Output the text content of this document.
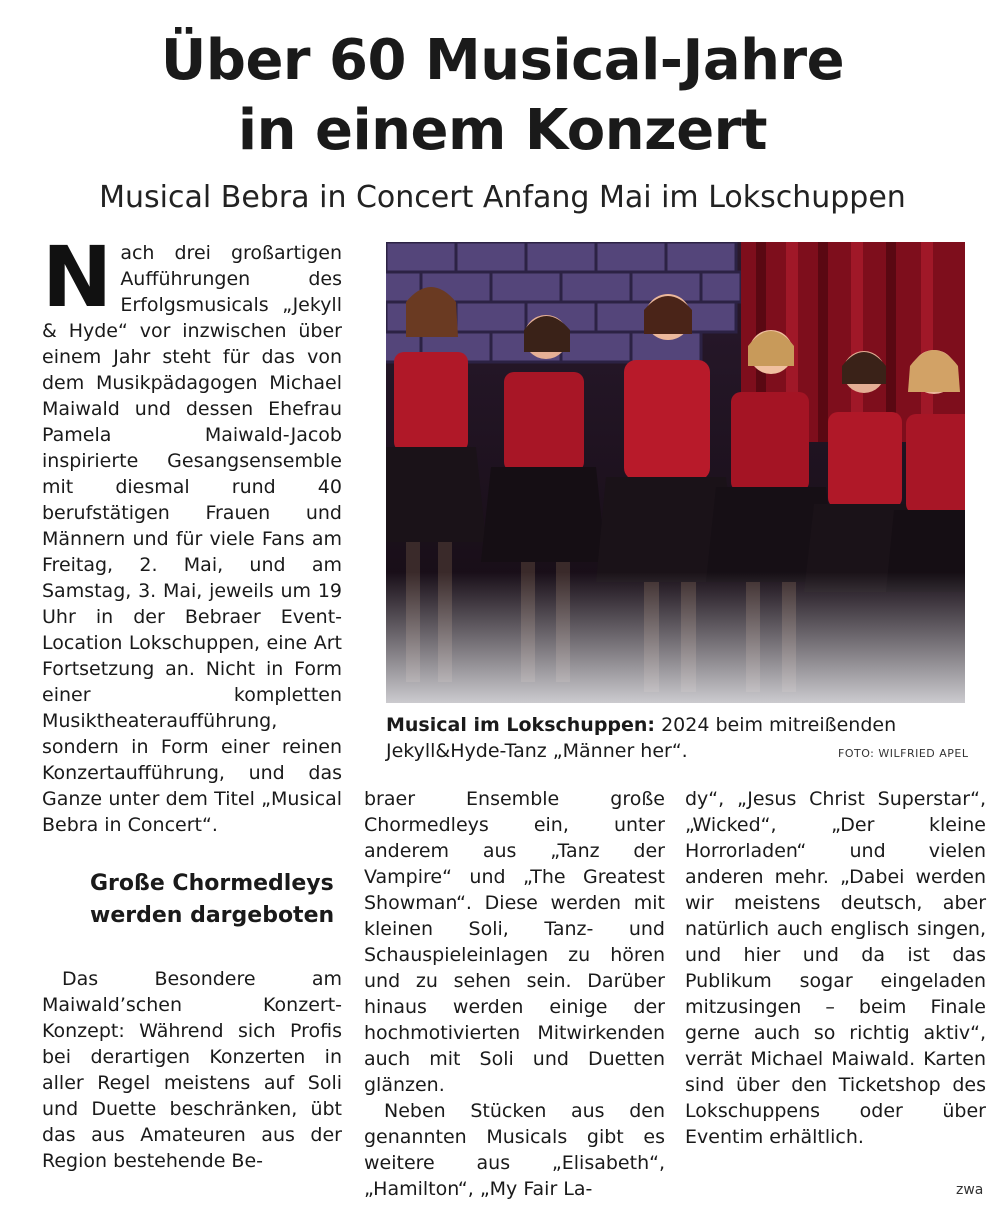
Über 60 Musical-Jahre
in einem Konzert
Musical Bebra in Concert Anfang Mai im Lokschuppen

Nach drei großartigen Aufführungen des Erfolgsmusicals „Jekyll & Hyde“ vor inzwischen über einem Jahr steht für das von dem Musikpädagogen Michael Maiwald und dessen Ehefrau Pamela Maiwald-Jacob inspirierte Gesangsensemble mit diesmal rund 40 berufstätigen Frauen und Männern und für viele Fans am Freitag, 2. Mai, und am Samstag, 3. Mai, jeweils um 19 Uhr in der Bebraer Event-Location Lokschuppen, eine Art Fortsetzung an. Nicht in Form einer kompletten Musiktheateraufführung, sondern in Form einer reinen Konzertaufführung, und das Ganze unter dem Titel „Musical Bebra in Concert“.

Große Chormedleys werden dargeboten

Das Besondere am Maiwald’schen Konzert-Konzept: Während sich Profis bei derartigen Konzerten in aller Regel meistens auf Soli und Duette beschränken, übt das aus Amateuren aus der Region bestehende Be-

Musical im Lokschuppen: 2024 beim mitreißenden Jekyll&Hyde-Tanz „Männer her“.	FOTO: WILFRIED APEL

braer Ensemble große Chormedleys ein, unter anderem aus „Tanz der Vampire“ und „The Greatest Showman“. Diese werden mit kleinen Soli, Tanz- und Schauspieleinlagen zu hören und zu sehen sein. Darüber hinaus werden einige der hochmotivierten Mitwirkenden auch mit Soli und Duetten glänzen.

Neben Stücken aus den genannten Musicals gibt es weitere aus „Elisabeth“, „Hamilton“, „My Fair La-

dy“, „Jesus Christ Superstar“, „Wicked“, „Der kleine Horrorladen“ und vielen anderen mehr. „Dabei werden wir meistens deutsch, aber natürlich auch englisch singen, und hier und da ist das Publikum sogar eingeladen mitzusingen – beim Finale gerne auch so richtig aktiv“, verrät Michael Maiwald. Karten sind über den Ticketshop des Lokschuppens oder über Eventim erhältlich.

zwa
